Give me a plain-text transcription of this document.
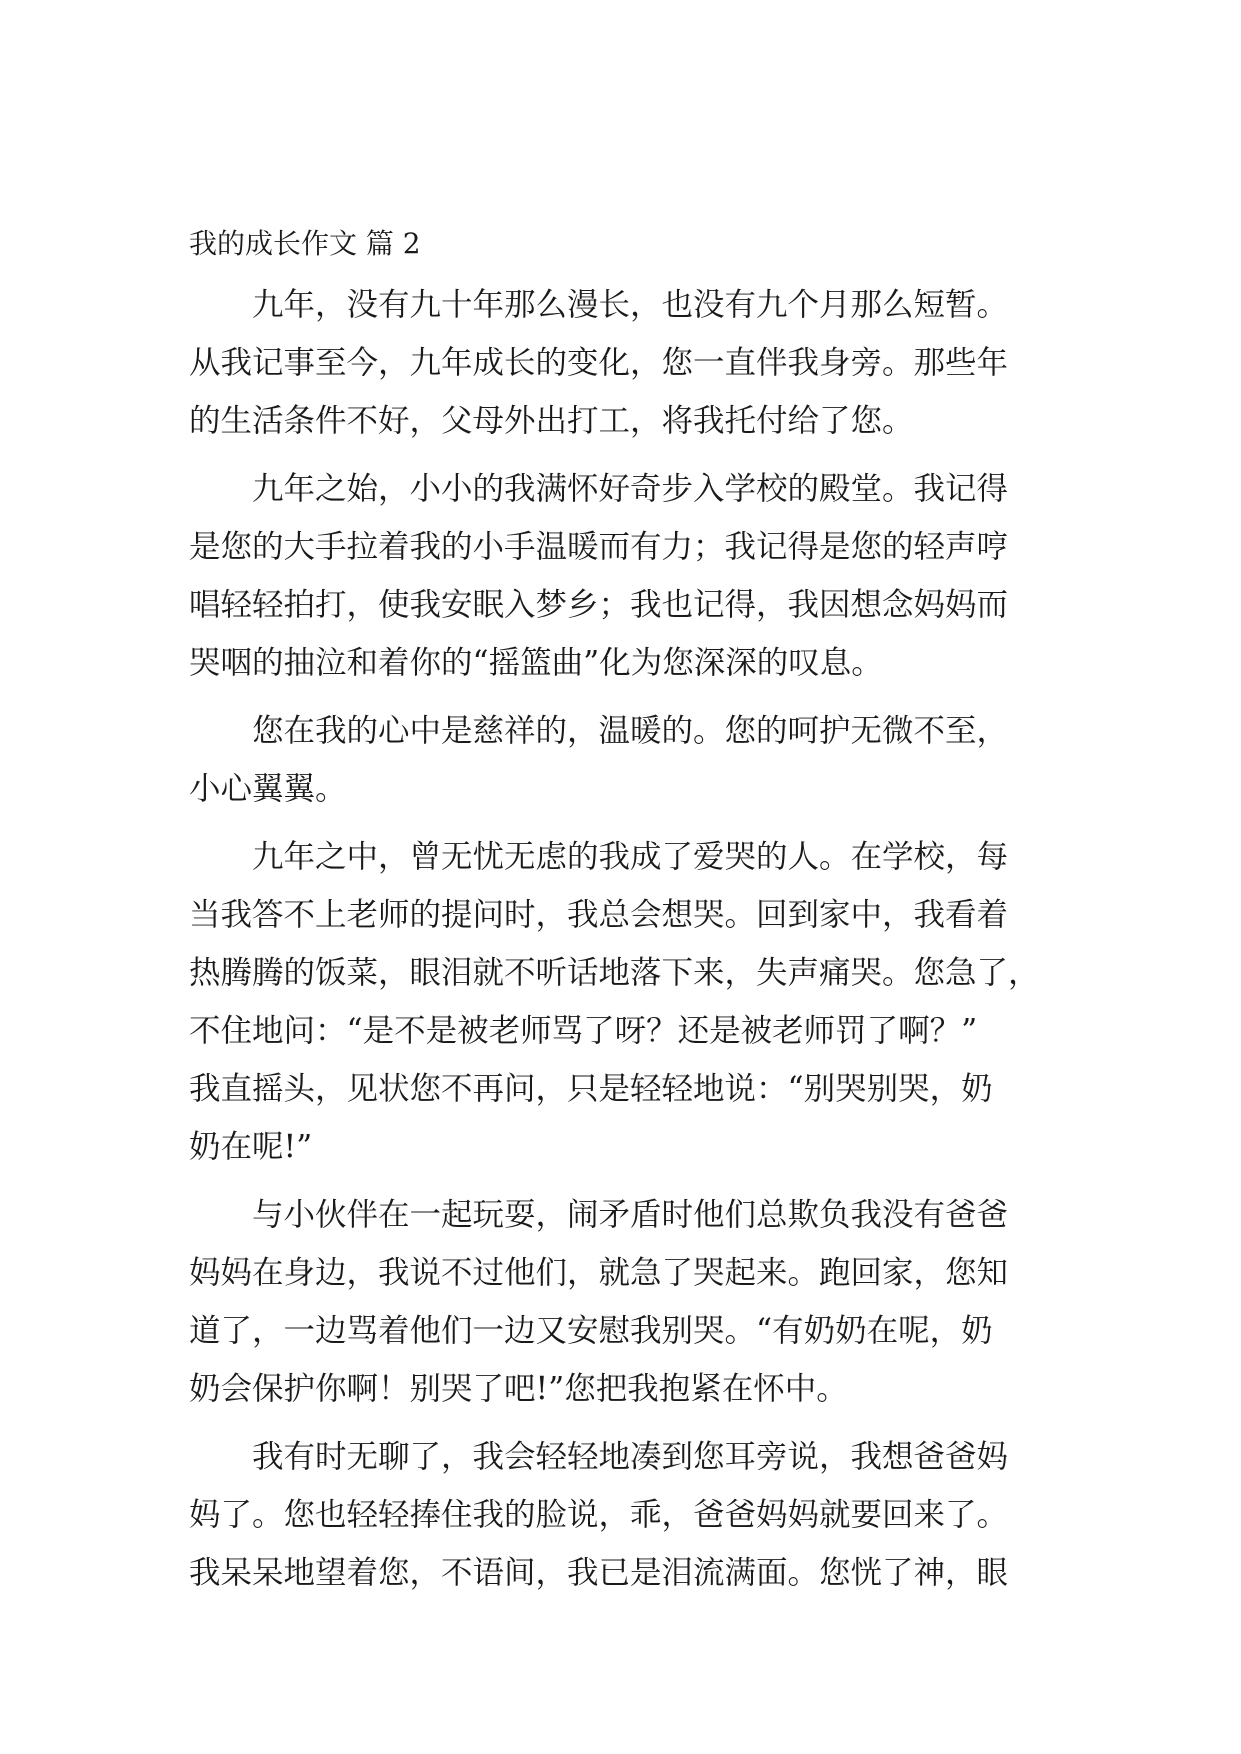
我的成长作文 篇 2
九年，没有九十年那么漫长，也没有九个月那么短暂。
从我记事至今，九年成长的变化，您一直伴我身旁。那些年
的生活条件不好，父母外出打工，将我托付给了您。
九年之始，小小的我满怀好奇步入学校的殿堂。我记得
是您的大手拉着我的小手温暖而有力；我记得是您的轻声哼
唱轻轻拍打，使我安眠入梦乡；我也记得，我因想念妈妈而
哭咽的抽泣和着你的“摇篮曲”化为您深深的叹息。
您在我的心中是慈祥的，温暖的。您的呵护无微不至，
小心翼翼。
九年之中，曾无忧无虑的我成了爱哭的人。在学校，每
当我答不上老师的提问时，我总会想哭。回到家中，我看着
热腾腾的饭菜，眼泪就不听话地落下来，失声痛哭。您急了，
不住地问：“是不是被老师骂了呀？还是被老师罚了啊？”
我直摇头，见状您不再问，只是轻轻地说：“别哭别哭，奶
奶在呢!”
与小伙伴在一起玩耍，闹矛盾时他们总欺负我没有爸爸
妈妈在身边，我说不过他们，就急了哭起来。跑回家，您知
道了，一边骂着他们一边又安慰我别哭。“有奶奶在呢，奶
奶会保护你啊！别哭了吧!”您把我抱紧在怀中。
我有时无聊了，我会轻轻地凑到您耳旁说，我想爸爸妈
妈了。您也轻轻捧住我的脸说，乖，爸爸妈妈就要回来了。
我呆呆地望着您，不语间，我已是泪流满面。您恍了神，眼
